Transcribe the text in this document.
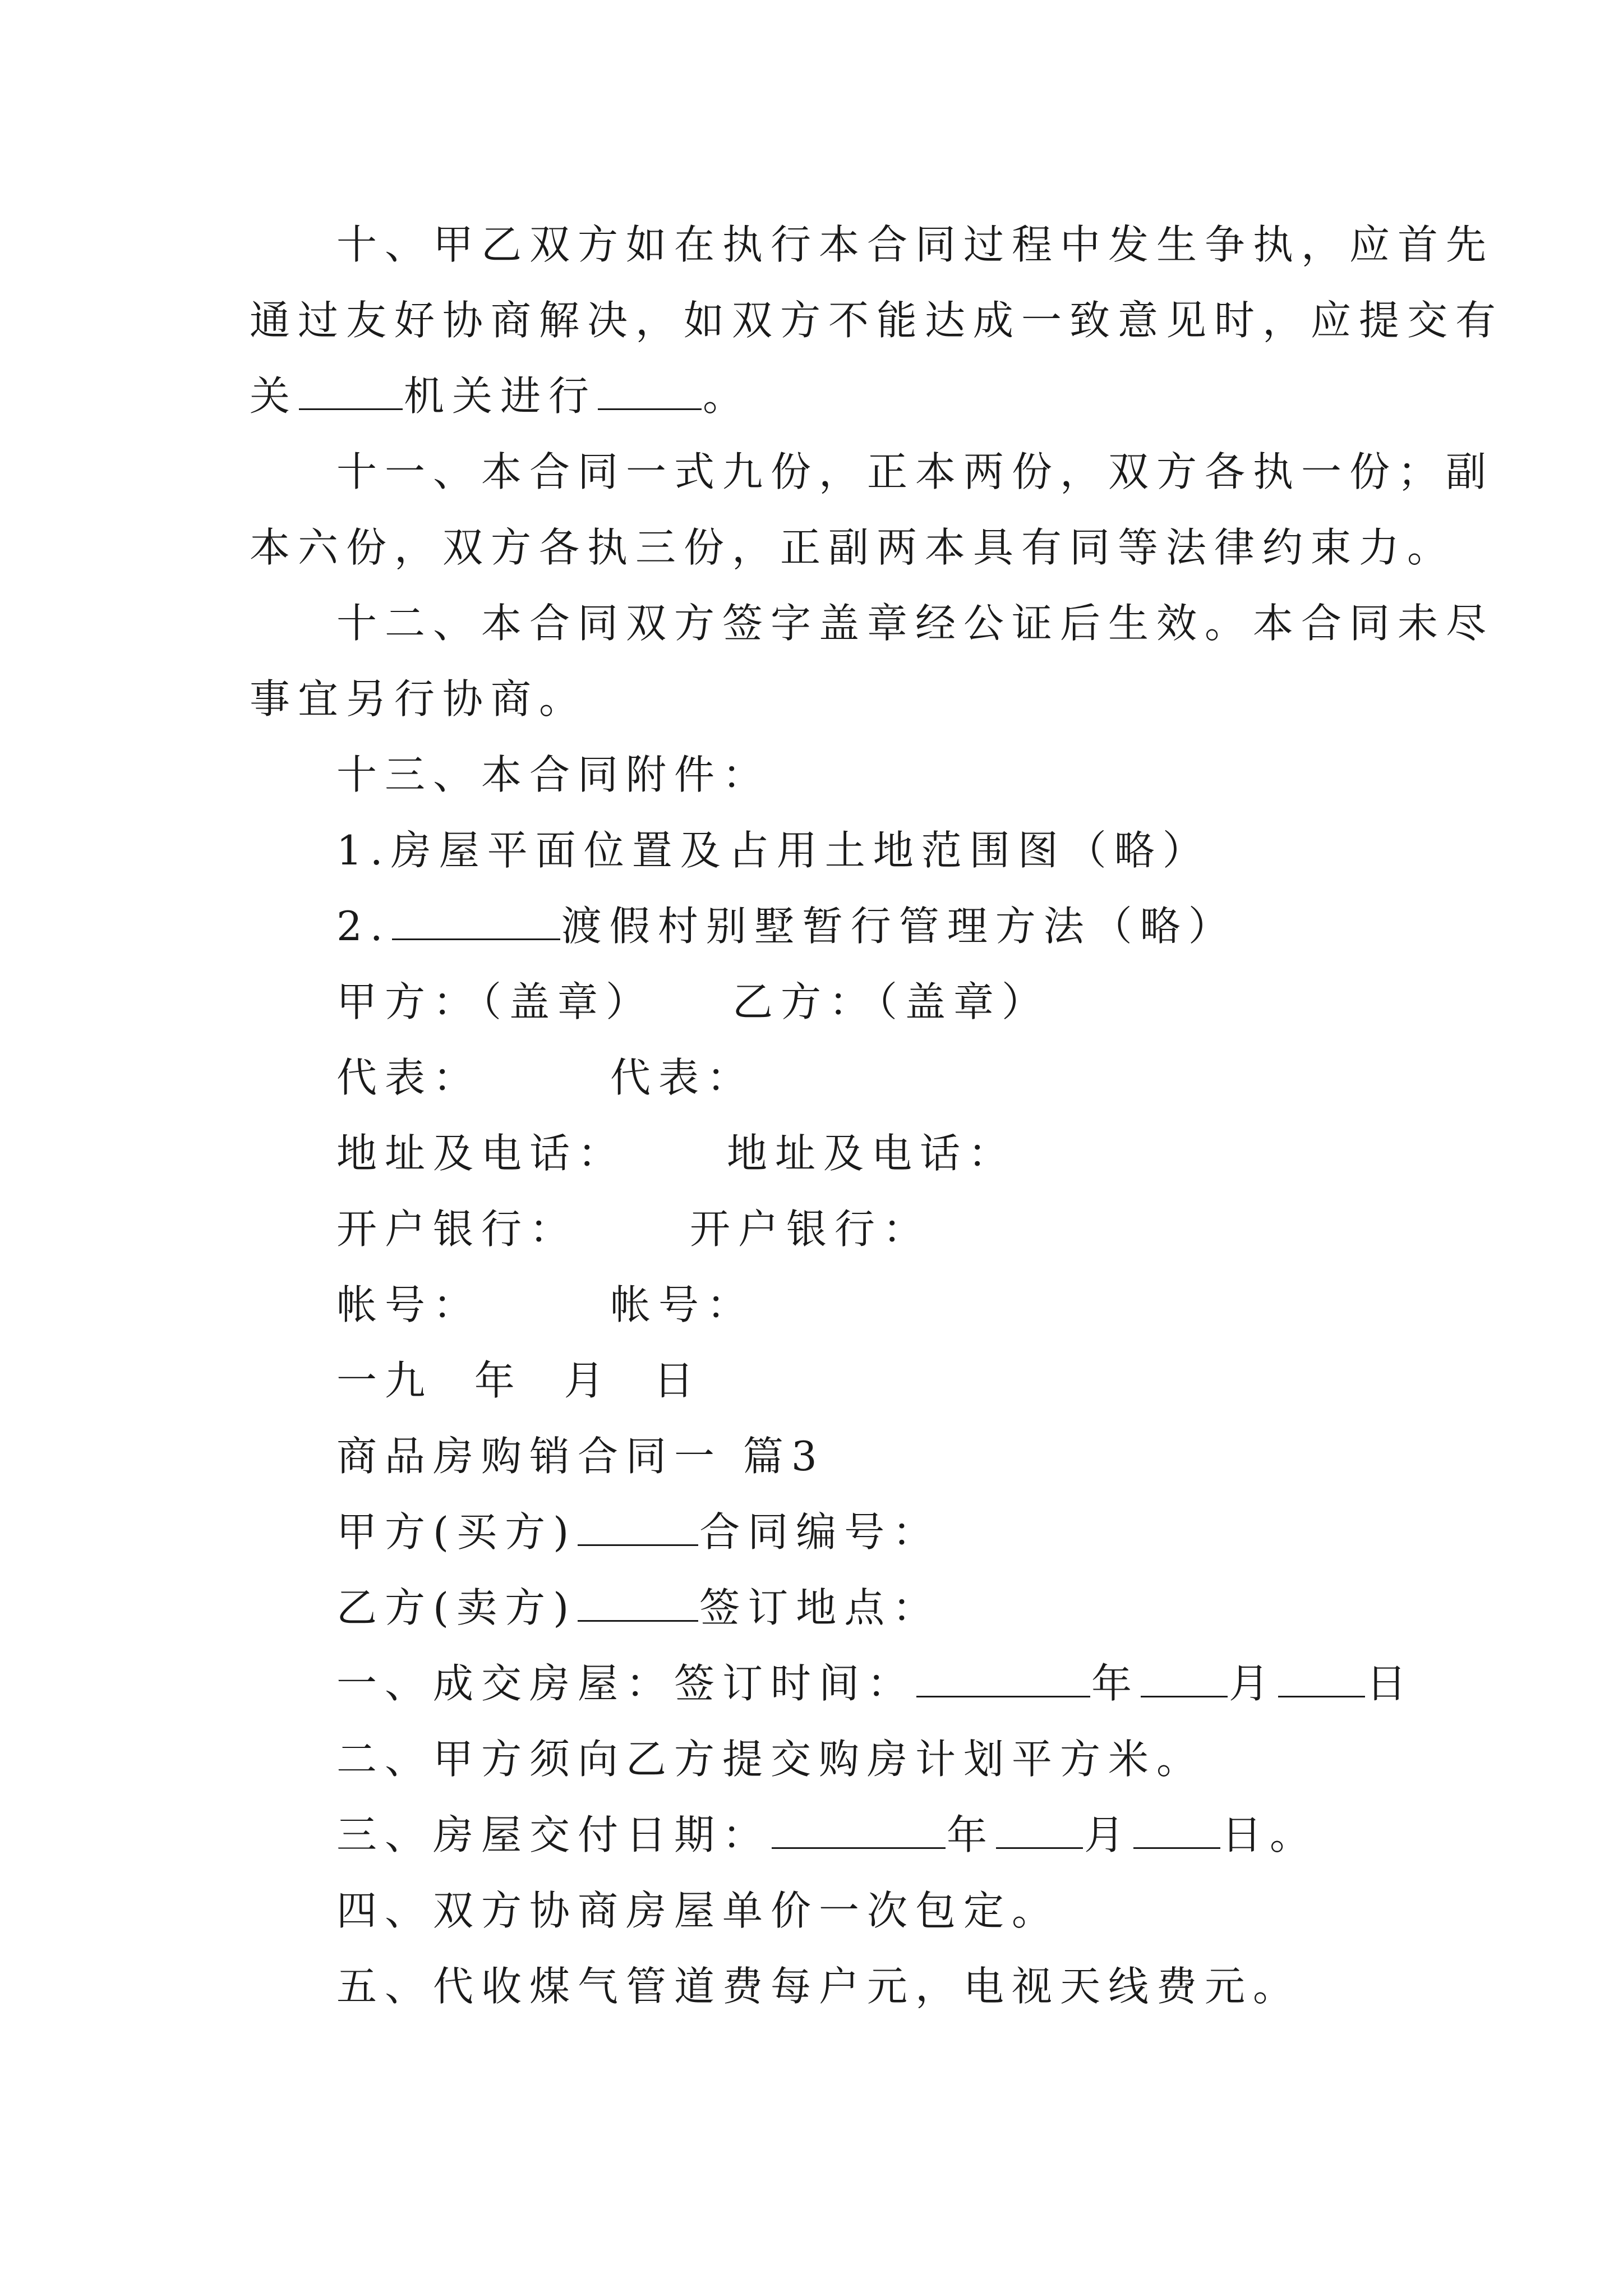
十、甲乙双方如在执行本合同过程中发生争执，应首先
通过友好协商解决，如双方不能达成一致意见时，应提交有
关	机关进行	。
十一、本合同一式九份，正本两份，双方各执一份；副
本六份，双方各执三份，正副两本具有同等法律约束力。
十二、本合同双方签字盖章经公证后生效。本合同未尽
事宜另行协商。
十三、本合同附件：
1.房屋平面位置及占用土地范围图（略）
2.	渡假村别墅暂行管理方法（略）
甲方：（盖章） 乙方：（盖章）
代表：	代表：
地址及电话：	地址及电话：
开户银行：	开户银行：
帐号：	帐号：
一九  年  月  日
商品房购销合同一 篇3
甲方(买方)	合同编号：
乙方(卖方)	签订地点：
一、成交房屋：签订时间：	年 月 日
二、甲方须向乙方提交购房计划平方米。
三、房屋交付日期：	年 月 日。
四、双方协商房屋单价一次包定。
五、代收煤气管道费每户元，电视天线费元。
